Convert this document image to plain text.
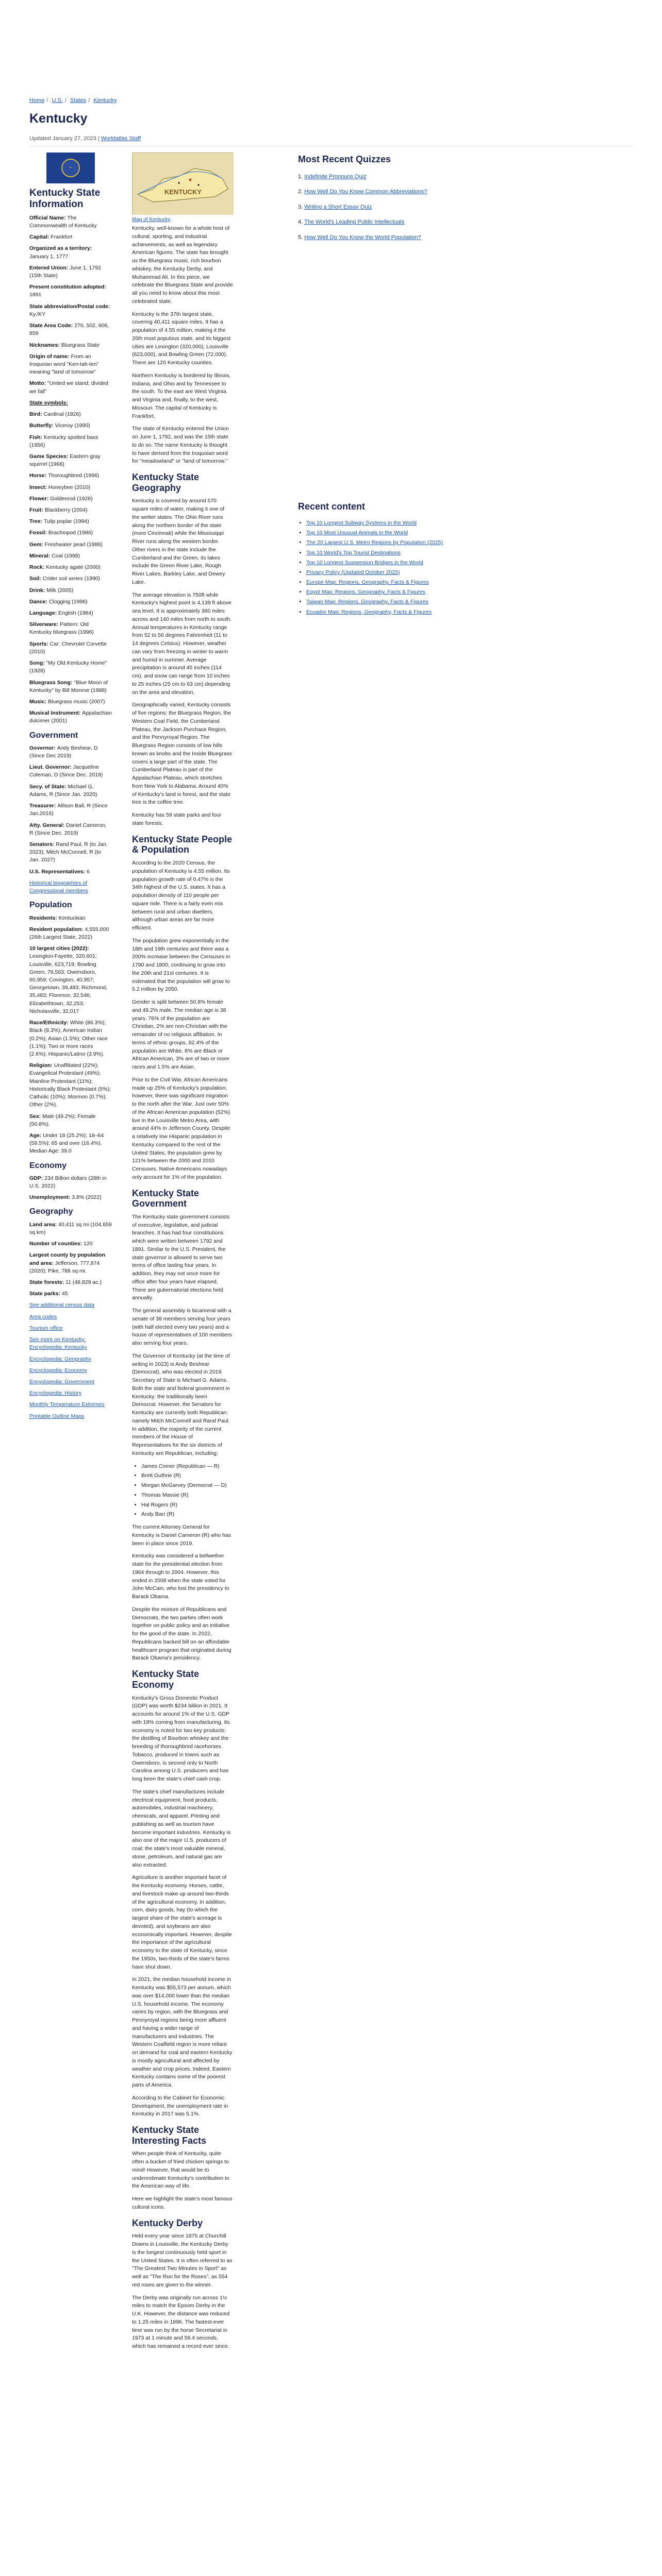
Home / U.S. / States / Kentucky
Kentucky
Updated January 27, 2023 | Worldatlas Staff
✦
Kentucky State Information
Official Name: The Commonwealth of Kentucky
Capital: Frankfort
Organized as a territory: January 1, 1777
Entered Union: June 1, 1792 (15th State)
Present constitution adopted: 1891
State abbreviation/Postal code: Ky./KY
State Area Code: 270, 502, 606, 859
Nicknames: Bluegrass State
Origin of name: From an Iroquoian word "Ken-tah-ten" meaning "land of tomorrow"
Motto: "United we stand; divided we fall"
State symbols:
Bird: Cardinal (1926)
Butterfly: Viceroy (1990)
Fish: Kentucky spotted bass (1956)
Game Species: Eastern gray squirrel (1968)
Horse: Thoroughbred (1996)
Insect: Honeybee (2010)
Flower: Goldenrod (1926)
Fruit: Blackberry (2004)
Tree: Tulip poplar (1994)
Fossil: Brachiopod (1986)
Gem: Freshwater pearl (1986)
Mineral: Coal (1998)
Rock: Kentucky agate (2000)
Soil: Crider soil series (1990)
Drink: Milk (2005)
Dance: Clogging (1996)
Language: English (1984)
Silverware: Pattern: Old Kentucky bluegrass (1996)
Sports: Car: Chevrolet Corvette (2010)
Song: "My Old Kentucky Home" (1928)
Bluegrass Song: "Blue Moon of Kentucky" by Bill Monroe (1988)
Music: Bluegrass music (2007)
Musical Instrument: Appalachian dulcimer (2001)
Government
Governor: Andy Beshear, D (Since Dec 2019)
Lieut. Governor: Jacqueline Coleman, D (Since Dec. 2019)
Secy. of State: Michael G. Adams, R (Since Jan. 2020)
Treasurer: Allison Ball, R (Since Jan.2016)
Atty. General: Daniel Cameron, R (Since Dec. 2019)
Senators: Rand Paul, R (to Jan. 2023); Mitch McConnell, R (to Jan. 2027)
U.S. Representatives: 6
Historical biographies of Congressional members
Population
Residents: Kentuckian
Resident population: 4,555,000 (26th Largest State, 2022)
10 largest cities (2022): Lexington-Fayette, 320,601; Louisville, 623,719; Bowling Green, 76,563; Owensboro, 60,959; Covington, 40,957; Georgetown, 39,483; Richmond, 35,483; Florence, 32,546; Elizabethtown, 32,253; Nicholasville, 32,017
Race/Ethnicity: White (86.3%); Black (8.3%); American Indian (0.2%); Asian (1.5%); Other race (1.1%); Two or more races (2.6%); Hispanic/Latino (3.9%).
Religion: Unaffiliated (22%); Evangelical Protestant (49%); Mainline Protestant (11%); Historically Black Protestant (5%); Catholic (10%); Mormon (0.7%); Other (2%).
Sex: Male (49.2%); Female (50.8%).
Age: Under 18 (25.2%); 18–64 (59.5%); 65 and over (16.4%). Median Age: 39.0
Economy
GDP: 234 Billion dollars (28th in U.S. 2022)
Unemployment: 3.8% (2022)
Geography
Land area: 40,411 sq mi (104,659 sq km)
Number of counties: 120
Largest county by population and area: Jefferson, 777,874 (2020); Pike, 788 sq mi.
State forests: 11 (48,829 ac.)
State parks: 45
See additional census data
Area codes
Tourism office
See more on Kentucky: Encyclopedia: Kentucky
Encyclopedia: Geography
Encyclopedia: Economy
Encyclopedia: Government
Encyclopedia: History
Monthly Temperature Extremes
Printable Outline Maps
KENTUCKY
Map of Kentucky

Kentucky, well-known for a whole host of cultural, sporting, and industrial achievements, as well as legendary American figures. The state has brought us the Bluegrass music, rich bourbon whiskey, the Kentucky Derby, and Muhammad Ali. In this piece, we celebrate the Bluegrass State and provide all you need to know about this most celebrated state.

Kentucky is the 37th largest state, covering 40,411 square miles. It has a population of 4.55 million, making it the 26th most populous state, and its biggest cities are Lexington (320,000), Louisville (623,000), and Bowling Green (72,000). There are 120 Kentucky counties.

Northern Kentucky is bordered by Illinois, Indiana, and Ohio and by Tennessee to the south. To the east are West Virginia and Virginia and, finally, to the west, Missouri. The capital of Kentucky is Frankfort.

The state of Kentucky entered the Union on June 1, 1792, and was the 15th state to do so. The name Kentucky is thought to have derived from the Iroquoian word for "meadowland" or "land of tomorrow."

Kentucky State Geography

Kentucky is covered by around 570 square miles of water, making it one of the wetter states. The Ohio River runs along the northern border of the state (more Cincinnati) while the Mississippi River runs along the western border. Other rivers in the state include the Cumberland and the Green, its lakes include the Green River Lake, Rough River Lakes, Barkley Lake, and Dewey Lake.

The average elevation is 750ft while Kentucky's highest point is 4,139 ft above sea level. It is approximately 380 miles across and 140 miles from north to south. Annual temperatures in Kentucky range from 52 to 56 degrees Fahrenheit (11 to 14 degrees Celsius). However, weather can vary from freezing in winter to warm and humid in summer. Average precipitation is around 45 inches (114 cm), and snow can range from 10 inches to 25 inches (25 cm to 63 cm) depending on the area and elevation.

Geographically varied, Kentucky consists of five regions: the Bluegrass Region, the Western Coal Field, the Cumberland Plateau, the Jackson Purchase Region, and the Pennyroyal Region. The Bluegrass Region consists of low hills known as knobs and the Inside Bluegrass covers a large part of the state. The Cumberland Plateau is part of the Appalachian Plateau, which stretches from New York to Alabama. Around 40% of Kentucky's land is forest, and the state tree is the coffee tree.

Kentucky has 59 state parks and four state forests.

Kentucky State People & Population

According to the 2020 Census, the population of Kentucky is 4.55 million. Its population growth rate of 0.47% is the 34th highest of the U.S. states. It has a population density of 110 people per square mile. There is a fairly even mix between rural and urban dwellers, although urban areas are far more efficient.

The population grew exponentially in the 18th and 19th centuries and there was a 200% increase between the Censuses in 1790 and 1800, continuing to grow into the 20th and 21st centuries. It is estimated that the population will grow to 5.2 million by 2050.

Gender is split between 50.8% female and 49.2% male. The median age is 38 years. 76% of the population are Christian, 2% are non-Christian with the remainder of no religious affiliation. In terms of ethnic groups, 82.4% of the population are White, 8% are Black or African American, 3% are of two or more races and 1.5% are Asian.

Prior to the Civil War, African Americans made up 25% of Kentucky's population; however, there was significant migration to the north after the War. Just over 50% of the African American population (52%) live in the Louisville Metro Area, with around 44% in Jefferson County. Despite a relatively low Hispanic population in Kentucky compared to the rest of the United States, the population grew by 121% between the 2000 and 2010 Censuses. Native Americans nowadays only account for 1% of the population.

Kentucky State Government

The Kentucky state government consists of executive, legislative, and judicial branches. It has had four constitutions which were written between 1792 and 1891. Similar to the U.S. President, the state governor is allowed to serve two terms of office lasting four years. In addition, they may not once more for office after four years have elapsed. There are gubernatorial elections held annually.

The general assembly is bicameral with a senate of 38 members serving four years (with half elected every two years) and a house of representatives of 100 members also serving four years.

The Governor of Kentucky (at the time of writing in 2023) is Andy Beshear (Democrat), who was elected in 2019. Secretary of State is Michael G. Adams. Both the state and federal government in Kentucky: the traditionally been Democrat. However, the Senators for Kentucky are currently both Republican: namely Mitch McConnell and Rand Paul. In addition, the majority of the current members of the House of Representatives for the six districts of Kentucky are Republican, including:

• James Comer (Republican — R)
• Brett Guthrie (R)
• Morgan McGarvey (Democrat — D)
• Thomas Massie (R)
• Hal Rogers (R)
• Andy Barr (R)

The current Attorney General for Kentucky is Daniel Cameron (R) who has been in place since 2019.

Kentucky was considered a bellwether state for the presidential election from 1964 through to 2004. However, this ended in 2008 when the state voted for John McCain, who lost the presidency to Barack Obama.

Despite the mixture of Republicans and Democrats, the two parties often work together on public policy and an initiative for the good of the state. In 2022, Republicans backed bill on an affordable healthcare program that originated during Barack Obama's presidency.

Kentucky State Economy

Kentucky's Gross Domestic Product (GDP) was worth $234 billion in 2021. It accounts for around 1% of the U.S. GDP with 19% coming from manufacturing. Its economy is noted for two key products: the distilling of Bourbon whiskey and the breeding of thoroughbred racehorses. Tobacco, produced in towns such as Owensboro, is second only to North Carolina among U.S. producers and has long been the state's chief cash crop.

The state's chief manufactures include electrical equipment, food products, automobiles, industrial machinery, chemicals, and apparel. Printing and publishing as well as tourism have become important industries. Kentucky is also one of the major U.S. producers of coal; the state's most valuable mineral, stone, petroleum, and natural gas are also extracted.

Agriculture is another important facet of the Kentucky economy. Horses, cattle, and livestock make up around two-thirds of the agricultural economy. In addition, corn, dairy goods, hay (to which the largest share of the state's acreage is devoted), and soybeans are also economically important. However, despite the importance of the agricultural economy to the state of Kentucky, since the 1950s, two-thirds of the state's farms have shut down.

In 2021, the median household income in Kentucky was $55,573 per annum, which was over $14,000 lower than the median U.S. household income. The economy varies by region, with the Bluegrass and Pennyroyal regions being more affluent and having a wider range of manufacturers and industries. The Western Coalfield region is more reliant on demand for coal and eastern Kentucky is mostly agricultural and affected by weather and crop prices. Indeed, Eastern Kentucky contains some of the poorest parts of America.

According to the Cabinet for Economic Development, the unemployment rate in Kentucky in 2017 was 5.1%.

Kentucky State Interesting Facts

When people think of Kentucky, quite often a bucket of fried chicken springs to mind! However, that would be to underestimate Kentucky's contribution to the American way of life.

Here we highlight the state's most famous cultural icons.

Kentucky Derby

Held every year since 1875 at Churchill Downs in Louisville, the Kentucky Derby is the longest continuously held sport in the United States. It is often referred to as "The Greatest Two Minutes in Sport" as well as "The Run for the Roses", as 554 red roses are given to the winner.

The Derby was originally run across 1½ miles to match the Epsom Derby in the U.K. However, the distance was reduced to 1.25 miles in 1896. The fastest-ever time was run by the horse Secretariat in 1973 at 1 minute and 59.4 seconds, which has remained a record ever since.

Most Recent Quizzes
1. Indefinite Pronouns Quiz
2. How Well Do You Know Common Abbreviations?
3. Writing a Short Essay Quiz
4. The World's Leading Public Intellectuals
5. How Well Do You Know the World Population?
Recent content
• Top 10 Longest Subway Systems in the World
• Top 10 Most Unusual Animals in the World
• The 20 Largest U.S. Metro Regions by Population (2025)
• Top 10 World's Top Tourist Destinations
• Top 10 Longest Suspension Bridges in the World
• Privacy Policy (Updated October 2025)
• Europe Map: Regions, Geography, Facts & Figures
• Egypt Map: Regions, Geography, Facts & Figures
• Taiwan Map: Regions, Geography, Facts & Figures
• Ecuador Map: Regions, Geography, Facts & Figures
